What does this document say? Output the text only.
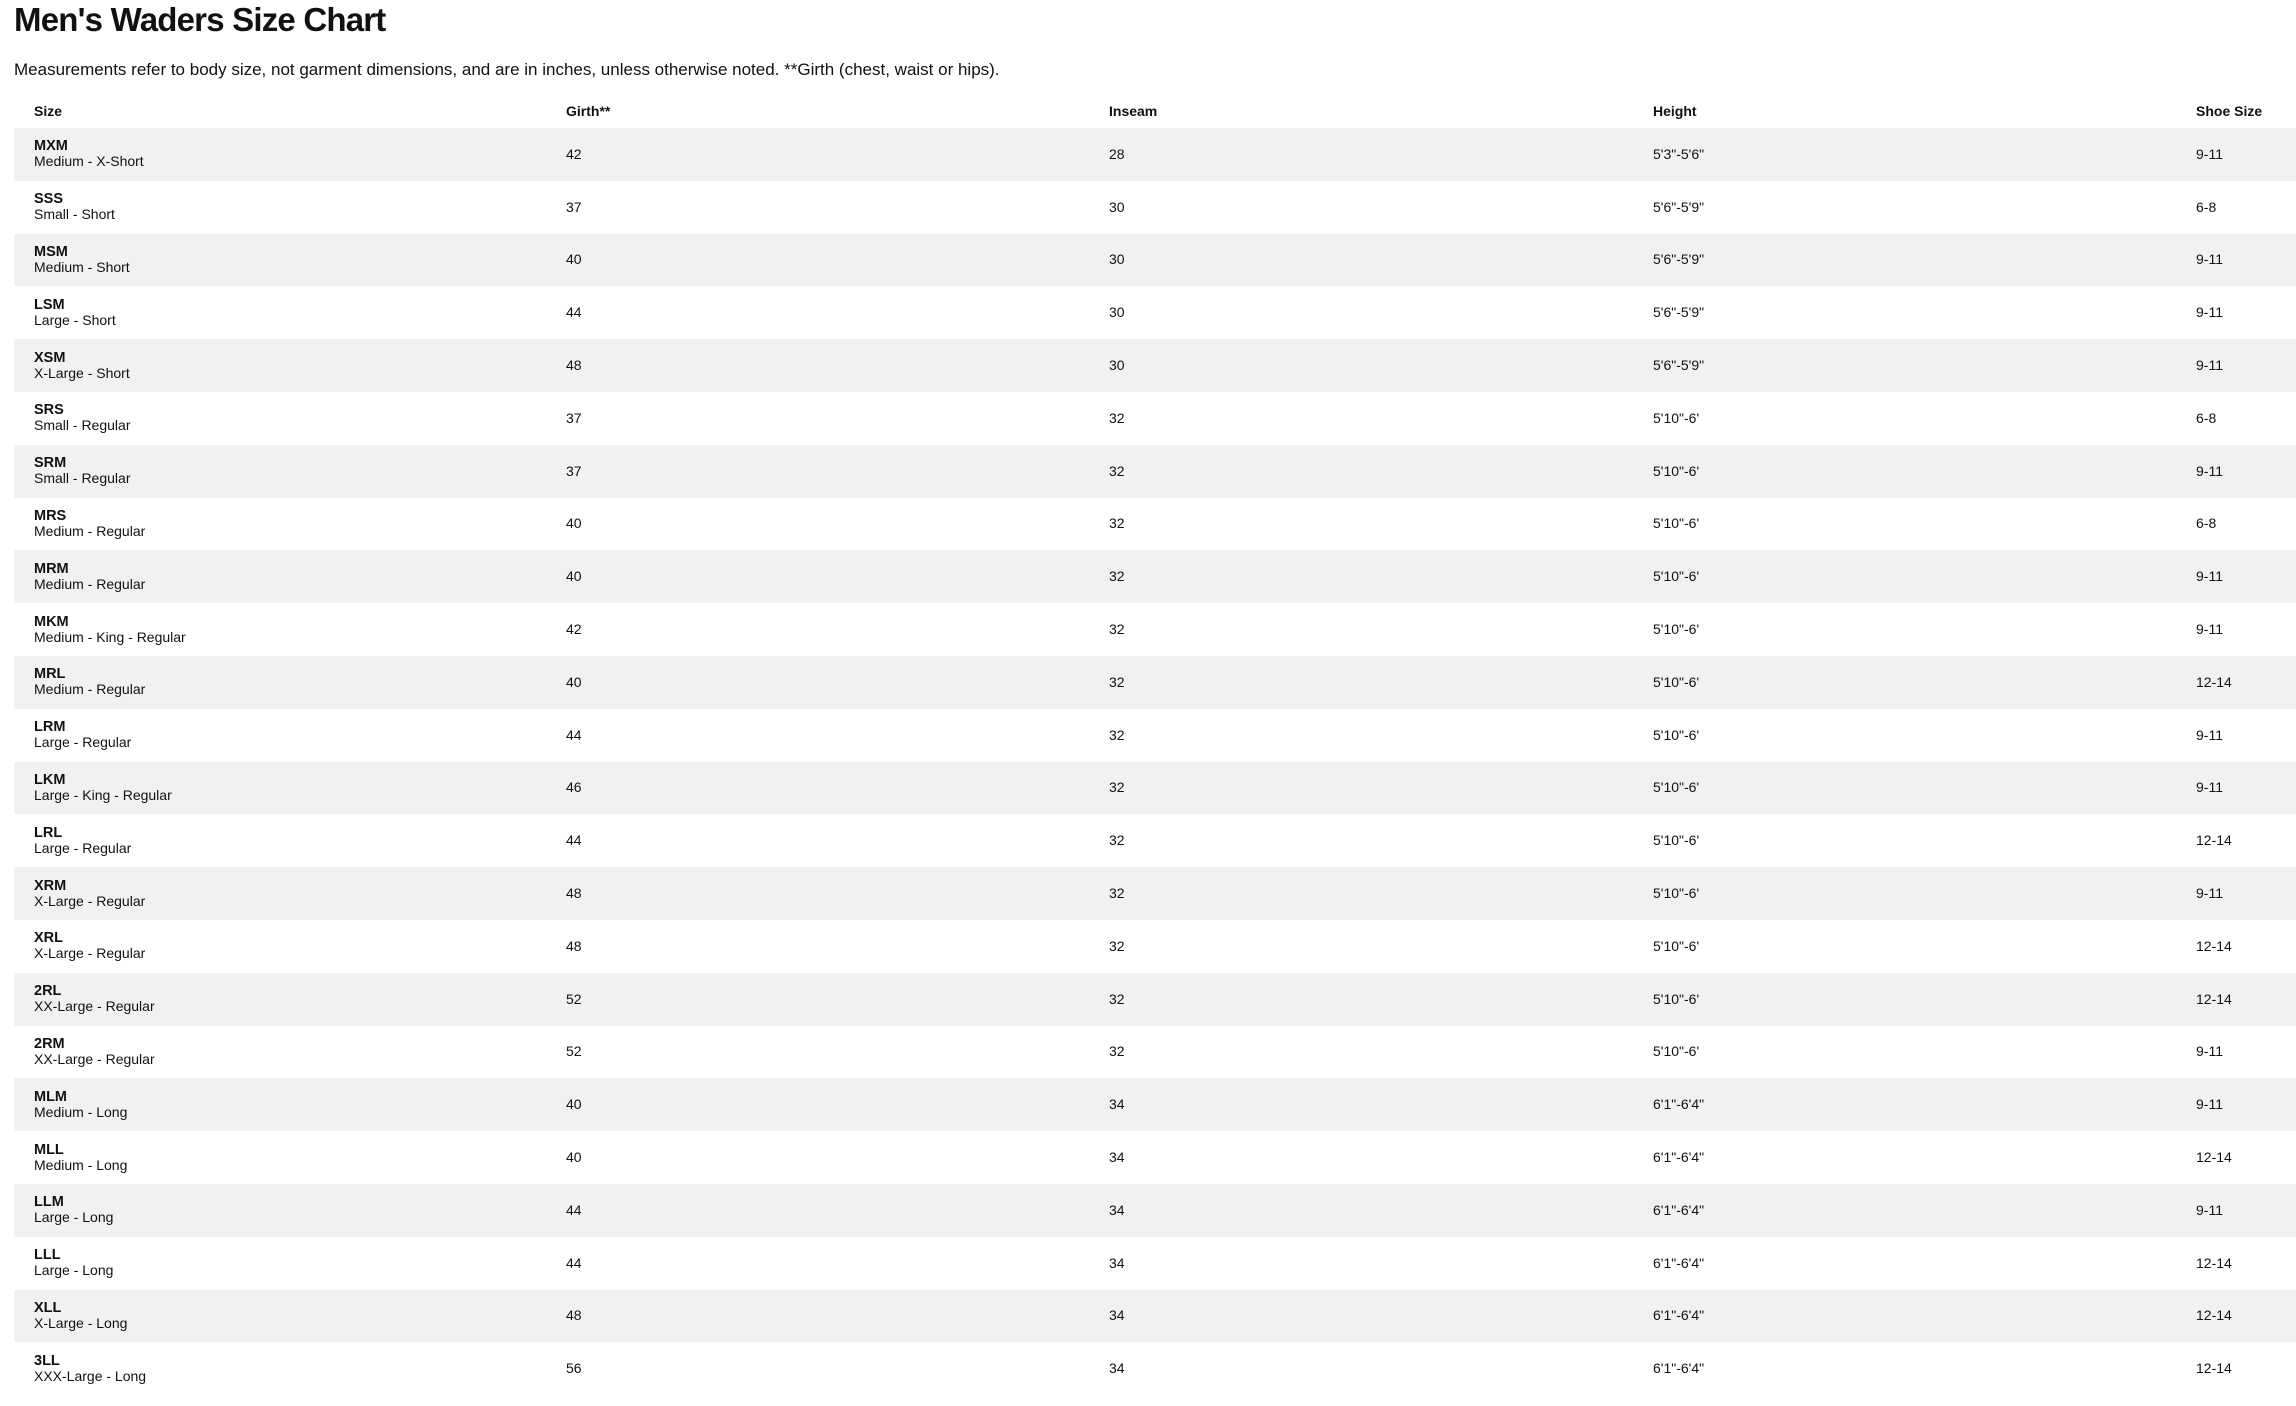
Men's Waders Size Chart

Measurements refer to body size, not garment dimensions, and are in inches, unless otherwise noted. **Girth (chest, waist or hips).

Size	Girth**	Inseam	Height	Shoe Size

MXM
Medium - X-Short	42	28	5'3"-5'6"	9-11

SSS
Small - Short	37	30	5'6"-5'9"	6-8

MSM
Medium - Short	40	30	5'6"-5'9"	9-11

LSM
Large - Short	44	30	5'6"-5'9"	9-11

XSM
X-Large - Short	48	30	5'6"-5'9"	9-11

SRS
Small - Regular	37	32	5'10"-6'	6-8

SRM
Small - Regular	37	32	5'10"-6'	9-11

MRS
Medium - Regular	40	32	5'10"-6'	6-8

MRM
Medium - Regular	40	32	5'10"-6'	9-11

MKM
Medium - King - Regular	42	32	5'10"-6'	9-11

MRL
Medium - Regular	40	32	5'10"-6'	12-14

LRM
Large - Regular	44	32	5'10"-6'	9-11

LKM
Large - King - Regular	46	32	5'10"-6'	9-11

LRL
Large - Regular	44	32	5'10"-6'	12-14

XRM
X-Large - Regular	48	32	5'10"-6'	9-11

XRL
X-Large - Regular	48	32	5'10"-6'	12-14

2RL
XX-Large - Regular	52	32	5'10"-6'	12-14

2RM
XX-Large - Regular	52	32	5'10"-6'	9-11

MLM
Medium - Long	40	34	6'1"-6'4"	9-11

MLL
Medium - Long	40	34	6'1"-6'4"	12-14

LLM
Large - Long	44	34	6'1"-6'4"	9-11

LLL
Large - Long	44	34	6'1"-6'4"	12-14

XLL
X-Large - Long	48	34	6'1"-6'4"	12-14

3LL
XXX-Large - Long	56	34	6'1"-6'4"	12-14
